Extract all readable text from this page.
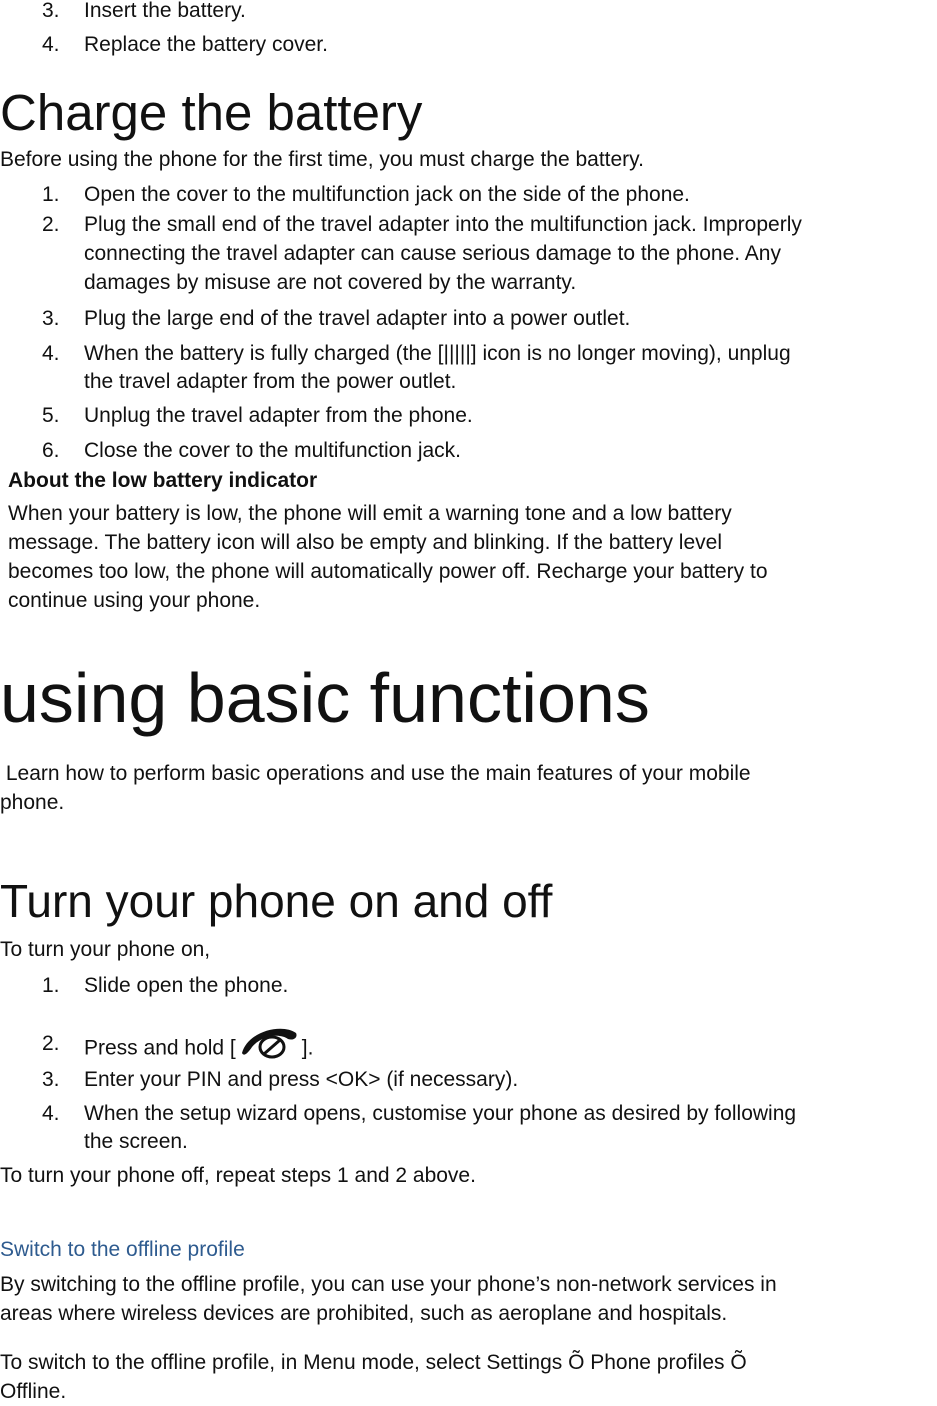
3. Insert the battery.
4. Replace the battery cover.
Charge the battery
Before using the phone for the first time, you must charge the battery.
1. Open the cover to the multifunction jack on the side of the phone.
2. Plug the small end of the travel adapter into the multifunction jack. Improperly
connecting the travel adapter can cause serious damage to the phone. Any
damages by misuse are not covered by the warranty.
3. Plug the large end of the travel adapter into a power outlet.
4. When the battery is fully charged (the [|||||] icon is no longer moving), unplug
the travel adapter from the power outlet.
5. Unplug the travel adapter from the phone.
6. Close the cover to the multifunction jack.
About the low battery indicator
When your battery is low, the phone will emit a warning tone and a low battery
message. The battery icon will also be empty and blinking. If the battery level
becomes too low, the phone will automatically power off. Recharge your battery to
continue using your phone.
using basic functions
Learn how to perform basic operations and use the main features of your mobile
phone.
Turn your phone on and off
To turn your phone on,
1. Slide open the phone.
2. Press and hold [	].
3. Enter your PIN and press <OK> (if necessary).
4. When the setup wizard opens, customise your phone as desired by following
the screen.
To turn your phone off, repeat steps 1 and 2 above.
Switch to the offline profile
By switching to the offline profile, you can use your phone’s non-network services in
areas where wireless devices are prohibited, such as aeroplane and hospitals.
To switch to the offline profile, in Menu mode, select Settings Õ Phone profiles Õ
Offline.
